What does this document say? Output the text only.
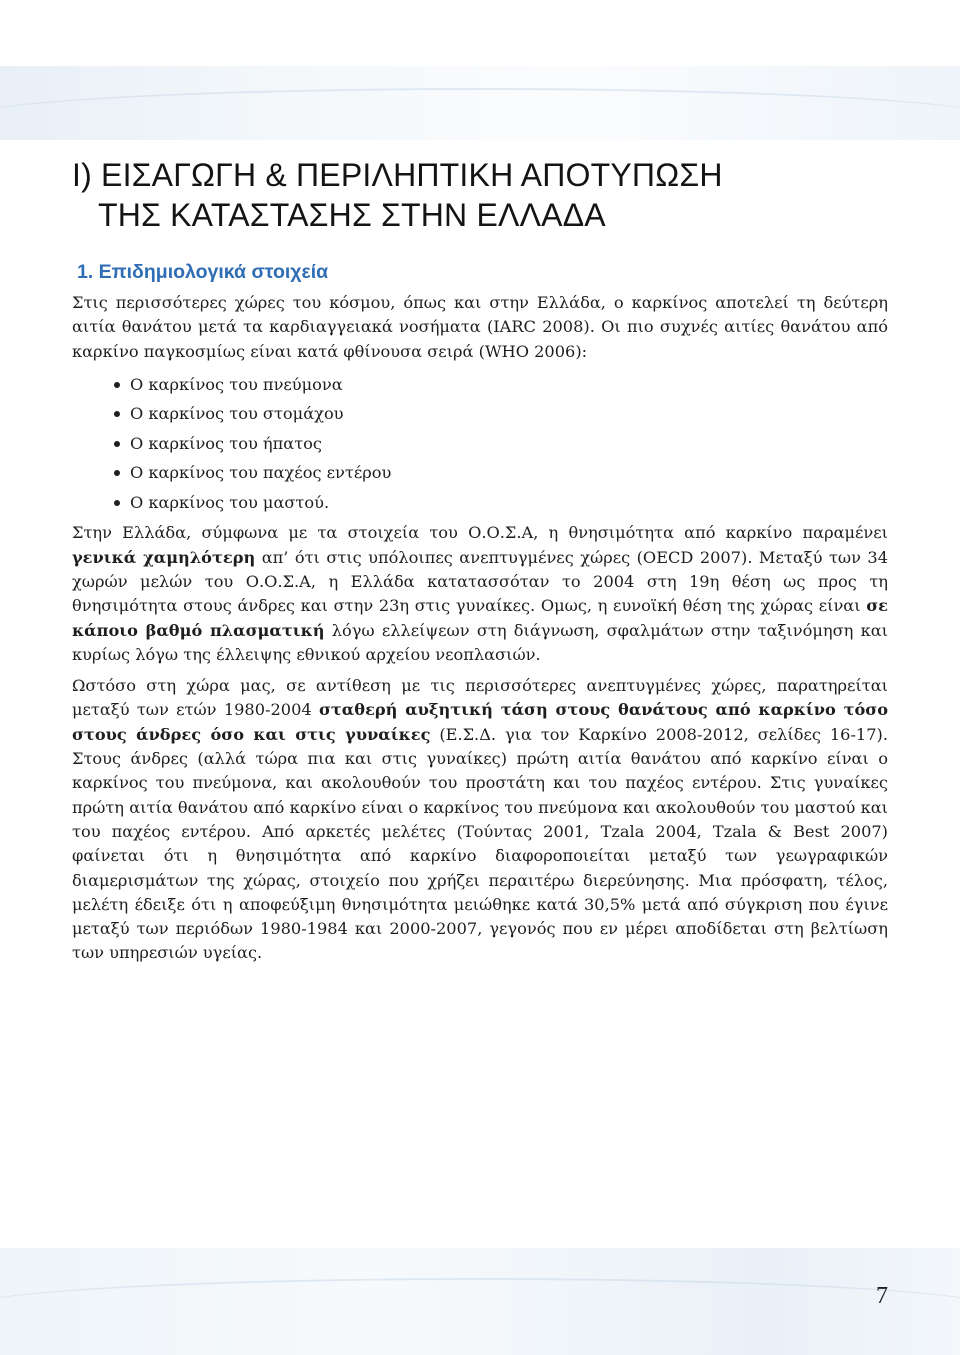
I) ΕΙΣΑΓΩΓΗ & ΠΕΡΙΛΗΠΤΙΚΗ ΑΠΟΤΥΠΩΣΗ
ΤΗΣ ΚΑΤΑΣΤΑΣΗΣ ΣΤΗΝ ΕΛΛΑΔΑ
1. Επιδημιολογικά στοιχεία

Στις περισσότερες χώρες του κόσμου, όπως και στην Ελλάδα, ο καρκίνος αποτελεί τη δεύτερη αιτία θανάτου μετά τα καρδιαγγειακά νοσήματα (IARC 2008). Οι πιο συχνές αιτίες θανάτου από καρκίνο παγκοσμίως είναι κατά φθίνουσα σειρά (WHO 2006):

Ο καρκίνος του πνεύμονα
Ο καρκίνος του στομάχου
Ο καρκίνος του ήπατος
Ο καρκίνος του παχέος εντέρου
Ο καρκίνος του μαστού.

Στην Ελλάδα, σύμφωνα με τα στοιχεία του Ο.Ο.Σ.Α, η θνησιμότητα από καρκίνο παραμένει γενικά χαμηλότερη απ’ ότι στις υπόλοιπες ανεπτυγμένες χώρες (OECD 2007). Μεταξύ των 34 χωρών μελών του Ο.Ο.Σ.Α, η Ελλάδα κατατασσόταν το 2004 στη 19η θέση ως προς τη θνησιμότητα στους άνδρες και στην 23η στις γυναίκες. Ομως, η ευνοϊκή θέση της χώρας είναι σε κάποιο βαθμό πλασματική λόγω ελλείψεων στη διάγνωση, σφαλμάτων στην ταξινόμηση και κυρίως λόγω της έλλειψης εθνικού αρχείου νεοπλασιών.

Ωστόσο στη χώρα μας, σε αντίθεση με τις περισσότερες ανεπτυγμένες χώρες, παρατηρείται μεταξύ των ετών 1980-2004 σταθερή αυξητική τάση στους θανάτους από καρκίνο τόσο στους άνδρες όσο και στις γυναίκες (Ε.Σ.Δ. για τον Καρκίνο 2008-2012, σελίδες 16-17). Στους άνδρες (αλλά τώρα πια και στις γυναίκες) πρώτη αιτία θανάτου από καρκίνο είναι ο καρκίνος του πνεύμονα, και ακολουθούν του προστάτη και του παχέος εντέρου. Στις γυναίκες πρώτη αιτία θανάτου από καρκίνο είναι ο καρκίνος του πνεύμονα και ακολουθούν του μαστού και του παχέος εντέρου. Από αρκετές μελέτες (Τούντας 2001, Tzala 2004, Tzala & Best 2007) φαίνεται ότι η θνησιμότητα από καρκίνο διαφοροποιείται μεταξύ των γεωγραφικών διαμερισμάτων της χώρας, στοιχείο που χρήζει περαιτέρω διερεύνησης. Μια πρόσφατη, τέλος, μελέτη έδειξε ότι η αποφεύξιμη θνησιμότητα μειώθηκε κατά 30,5% μετά από σύγκριση που έγινε μεταξύ των περιόδων 1980-1984 και 2000-2007, γεγονός που εν μέρει αποδίδεται στη βελτίωση των υπηρεσιών υγείας.

7
